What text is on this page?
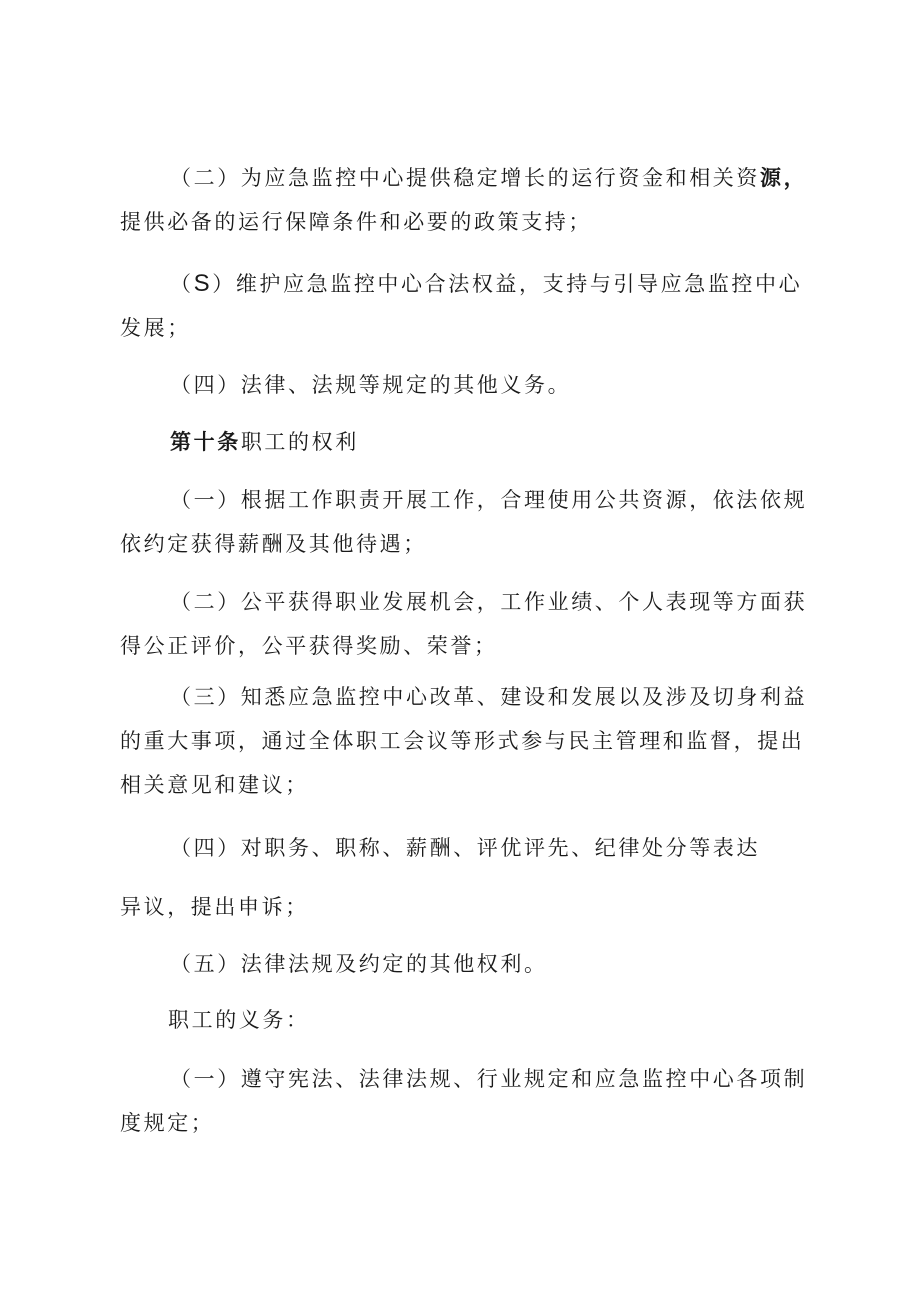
（二）为应急监控中心提供稳定增长的运行资金和相关资源，提供必备的运行保障条件和必要的政策支持；

（S）维护应急监控中心合法权益，支持与引导应急监控中心发展；

（四）法律、法规等规定的其他义务。

第十条职工的权利

（一）根据工作职责开展工作，合理使用公共资源，依法依规依约定获得薪酬及其他待遇；

（二）公平获得职业发展机会，工作业绩、个人表现等方面获得公正评价，公平获得奖励、荣誉；

（三）知悉应急监控中心改革、建设和发展以及涉及切身利益的重大事项，通过全体职工会议等形式参与民主管理和监督，提出相关意见和建议；

（四）对职务、职称、薪酬、评优评先、纪律处分等表达

异议，提出申诉；

（五）法律法规及约定的其他权利。

职工的义务：

（一）遵守宪法、法律法规、行业规定和应急监控中心各项制度规定；
